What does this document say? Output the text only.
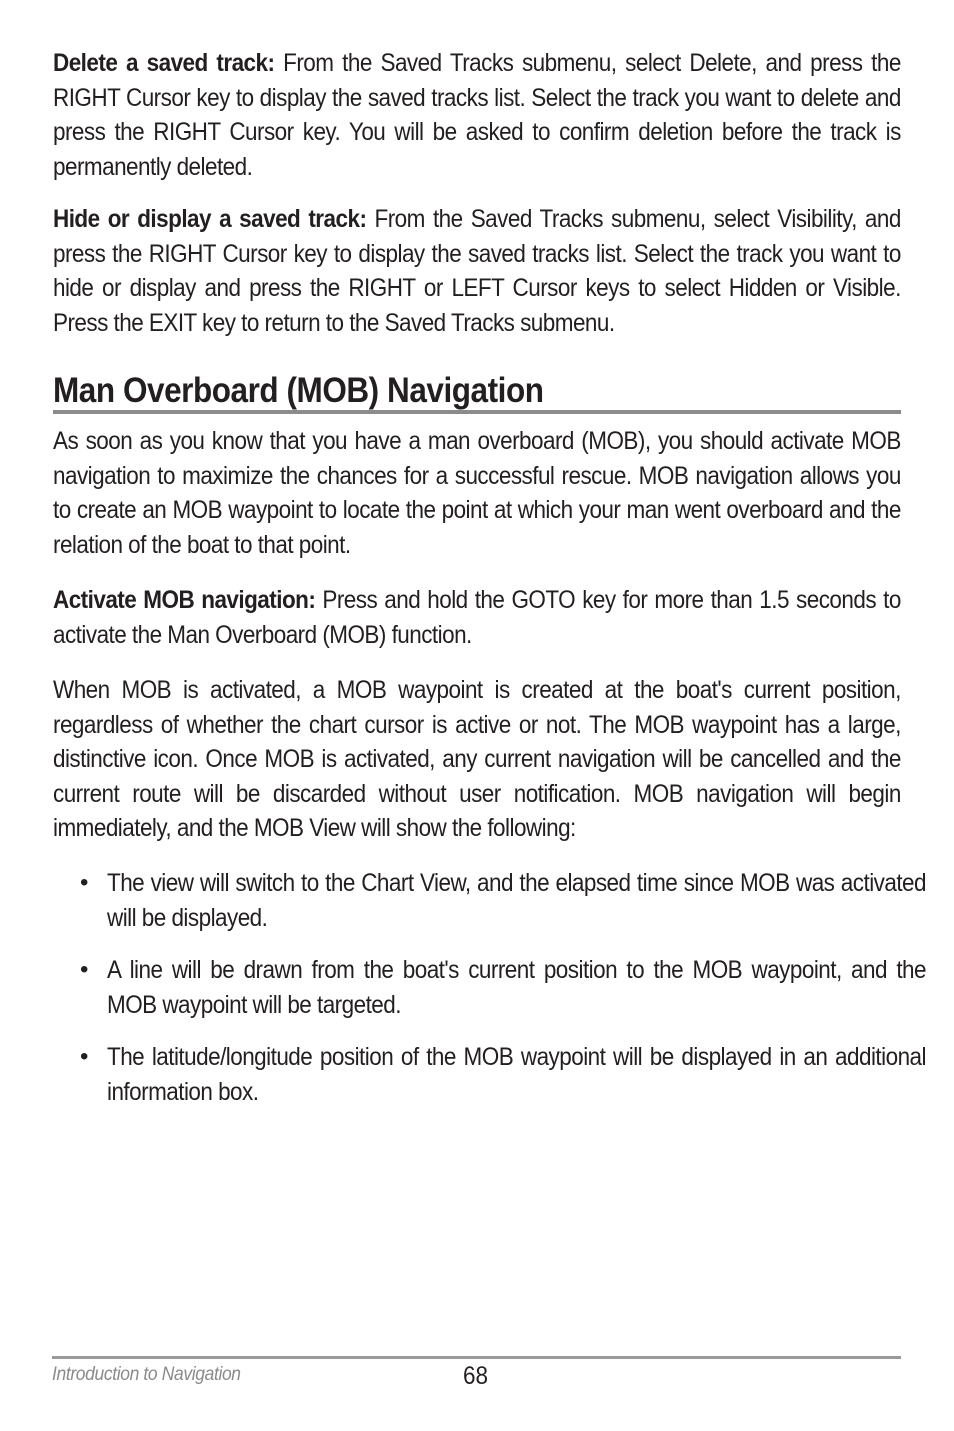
Delete a saved track: From the Saved Tracks submenu, select Delete, and press the RIGHT Cursor key to display the saved tracks list. Select the track you want to delete and press the RIGHT Cursor key. You will be asked to confirm deletion before the track is permanently deleted.

Hide or display a saved track: From the Saved Tracks submenu, select Visibility, and press the RIGHT Cursor key to display the saved tracks list. Select the track you want to hide or display and press the RIGHT or LEFT Cursor keys to select Hidden or Visible. Press the EXIT key to return to the Saved Tracks submenu.

Man Overboard (MOB) Navigation

As soon as you know that you have a man overboard (MOB), you should activate MOB navigation to maximize the chances for a successful rescue. MOB navigation allows you to create an MOB waypoint to locate the point at which your man went overboard and the relation of the boat to that point.

Activate MOB navigation: Press and hold the GOTO key for more than 1.5 seconds to activate the Man Overboard (MOB) function.

When MOB is activated, a MOB waypoint is created at the boat's current position, regardless of whether the chart cursor is active or not. The MOB waypoint has a large, distinctive icon. Once MOB is activated, any current navigation will be cancelled and the current route will be discarded without user notification. MOB navigation will begin immediately, and the MOB View will show the following:

• The view will switch to the Chart View, and the elapsed time since MOB was activated will be displayed.
• A line will be drawn from the boat's current position to the MOB waypoint, and the MOB waypoint will be targeted.
• The latitude/longitude position of the MOB waypoint will be displayed in an additional information box.
Introduction to Navigation	68
